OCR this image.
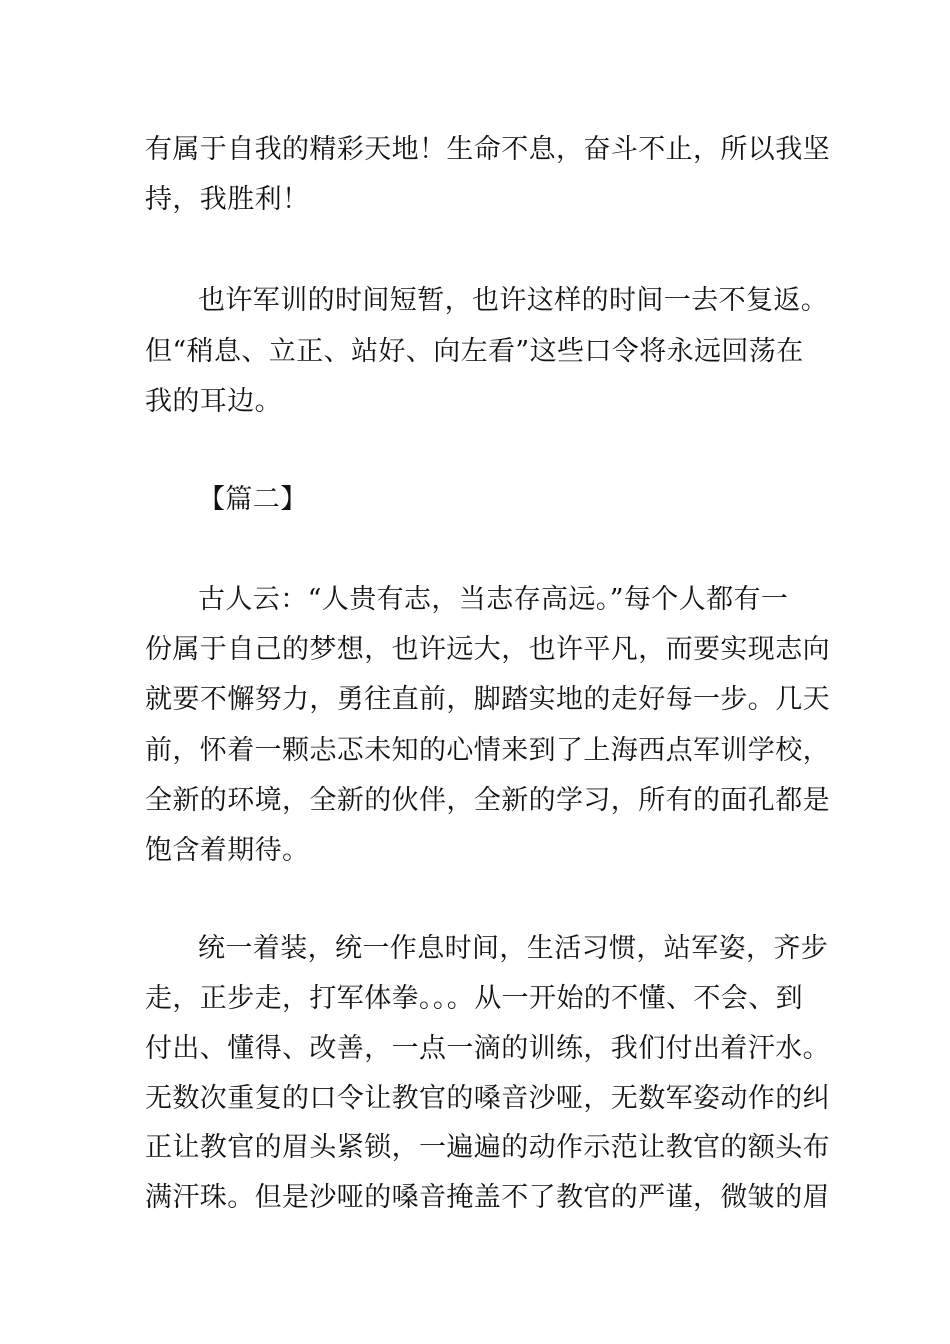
有属于自我的精彩天地！生命不息，奋斗不止，所以我坚
持，我胜利！
也许军训的时间短暂，也许这样的时间一去不复返。
但“稍息、立正、站好、向左看”这些口令将永远回荡在
我的耳边。
【篇二】
古人云：“人贵有志，当志存高远。”每个人都有一
份属于自己的梦想，也许远大，也许平凡，而要实现志向
就要不懈努力，勇往直前，脚踏实地的走好每一步。几天
前，怀着一颗忐忑未知的心情来到了上海西点军训学校，
全新的环境，全新的伙伴，全新的学习，所有的面孔都是
饱含着期待。
统一着装，统一作息时间，生活习惯，站军姿，齐步
走，正步走，打军体拳。。。从一开始的不懂、不会、到
付出、懂得、改善，一点一滴的训练，我们付出着汗水。
无数次重复的口令让教官的嗓音沙哑，无数军姿动作的纠
正让教官的眉头紧锁，一遍遍的动作示范让教官的额头布
满汗珠。但是沙哑的嗓音掩盖不了教官的严谨，微皱的眉
